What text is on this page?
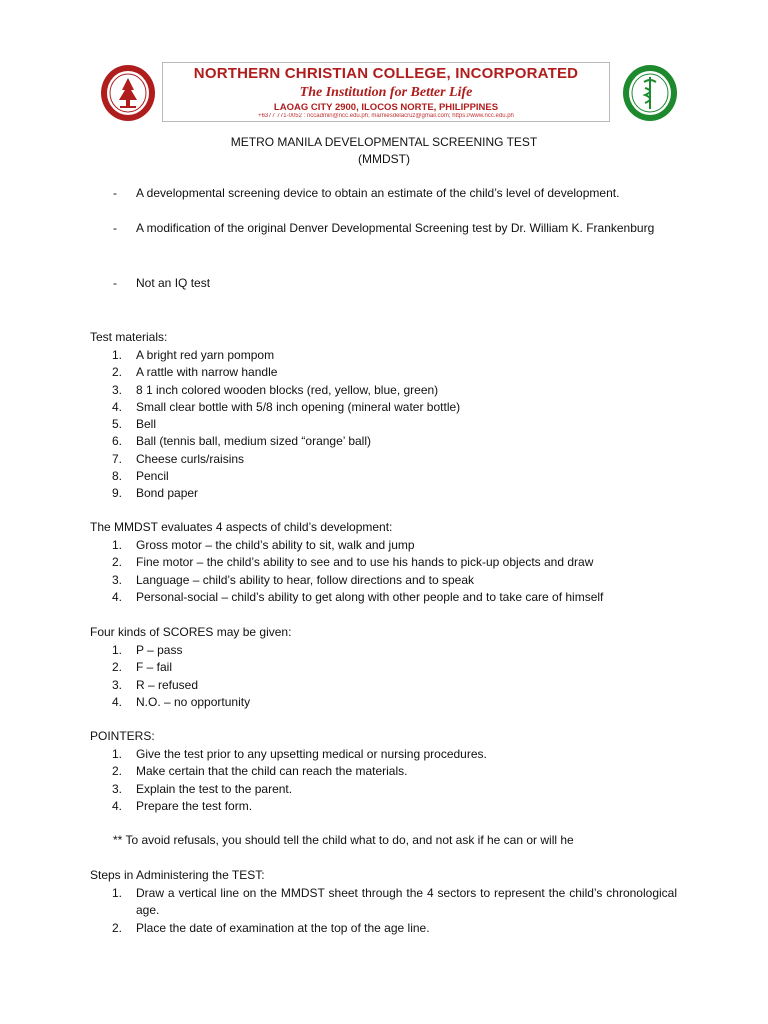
NORTHERN CHRISTIAN COLLEGE, INCORPORATED
The Institution for Better Life
LAOAG CITY 2900, ILOCOS NORTE, PHILIPPINES
+6377 771-0052 : nccadmin@ncc.edu.ph; marniesdelacruz@gmail.com; https://www.ncc.edu.ph
METRO MANILA DEVELOPMENTAL SCREENING TEST
(MMDST)
- A developmental screening device to obtain an estimate of the child’s level of development.
- A modification of the original Denver Developmental Screening test by Dr. William K. Frankenburg
- Not an IQ test
Test materials:
1. A bright red yarn pompom
2. A rattle with narrow handle
3. 8 1 inch colored wooden blocks (red, yellow, blue, green)
4. Small clear bottle with 5/8 inch opening (mineral water bottle)
5. Bell
6. Ball (tennis ball, medium sized “orange’ ball)
7. Cheese curls/raisins
8. Pencil
9. Bond paper
The MMDST evaluates 4 aspects of child’s development:
1. Gross motor – the child’s ability to sit, walk and jump
2. Fine motor – the child’s ability to see and to use his hands to pick-up objects and draw
3. Language – child’s ability to hear, follow directions and to speak
4. Personal-social – child’s ability to get along with other people and to take care of himself
Four kinds of SCORES may be given:
1. P – pass
2. F – fail
3. R – refused
4. N.O. – no opportunity
POINTERS:
1. Give the test prior to any upsetting medical or nursing procedures.
2. Make certain that the child can reach the materials.
3. Explain the test to the parent.
4. Prepare the test form.
** To avoid refusals, you should tell the child what to do, and not ask if he can or will he
Steps in Administering the TEST:
1. Draw a vertical line on the MMDST sheet through the 4 sectors to represent the child’s chronological age.
2. Place the date of examination at the top of the age line.
